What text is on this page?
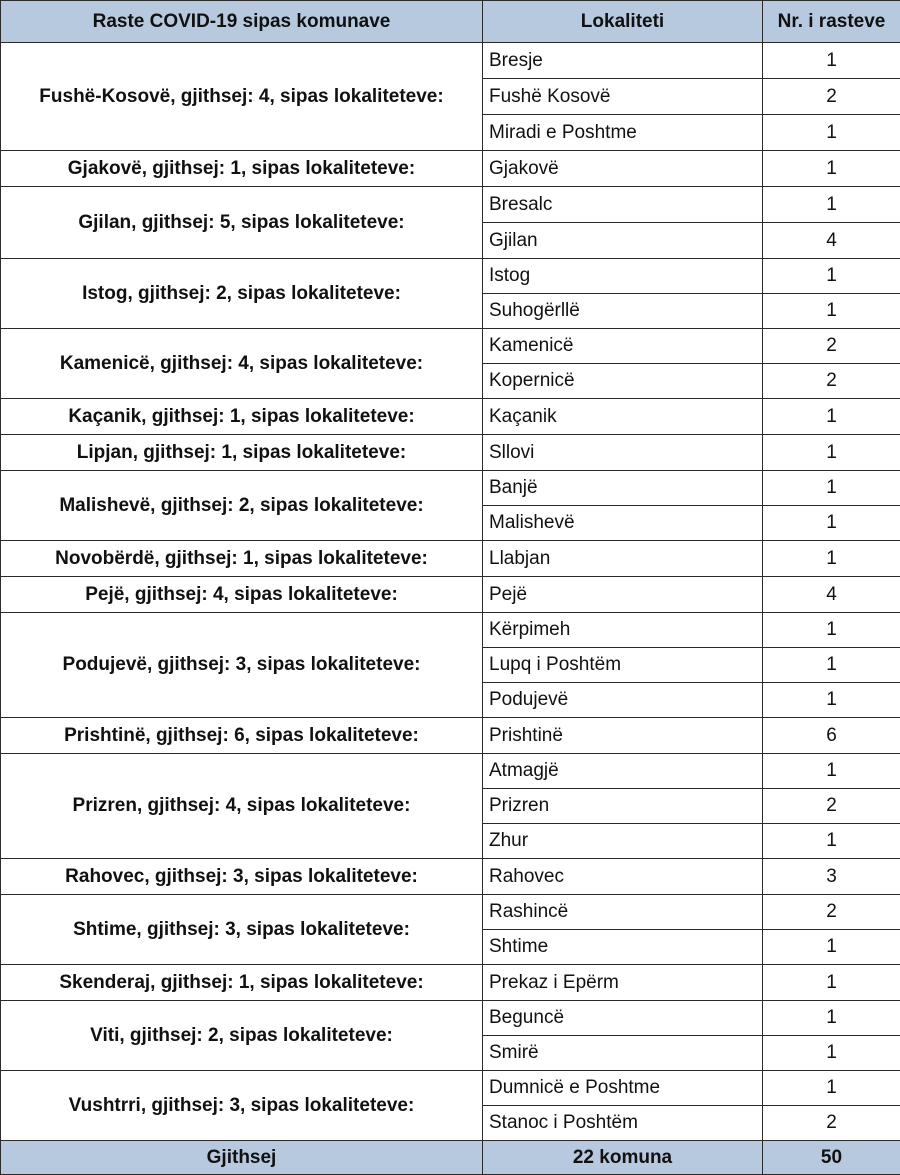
Raste COVID-19 sipas komunave	Lokaliteti	Nr. i rasteve
Fushë-Kosovë, gjithsej: 4, sipas lokaliteteve:	Bresje	1
	Fushë Kosovë	2
	Miradi e Poshtme	1
Gjakovë, gjithsej: 1, sipas lokaliteteve:	Gjakovë	1
Gjilan, gjithsej: 5, sipas lokaliteteve:	Bresalc	1
	Gjilan	4
Istog, gjithsej: 2, sipas lokaliteteve:	Istog	1
	Suhogërllë	1
Kamenicë, gjithsej: 4, sipas lokaliteteve:	Kamenicë	2
	Kopernicë	2
Kaçanik, gjithsej: 1, sipas lokaliteteve:	Kaçanik	1
Lipjan, gjithsej: 1, sipas lokaliteteve:	Sllovi	1
Malishevë, gjithsej: 2, sipas lokaliteteve:	Banjë	1
	Malishevë	1
Novobërdë, gjithsej: 1, sipas lokaliteteve:	Llabjan	1
Pejë, gjithsej: 4, sipas lokaliteteve:	Pejë	4
Podujevë, gjithsej: 3, sipas lokaliteteve:	Kërpimeh	1
	Lupq i Poshtëm	1
	Podujevë	1
Prishtinë, gjithsej: 6, sipas lokaliteteve:	Prishtinë	6
Prizren, gjithsej: 4, sipas lokaliteteve:	Atmagjë	1
	Prizren	2
	Zhur	1
Rahovec, gjithsej: 3, sipas lokaliteteve:	Rahovec	3
Shtime, gjithsej: 3, sipas lokaliteteve:	Rashincë	2
	Shtime	1
Skenderaj, gjithsej: 1, sipas lokaliteteve:	Prekaz i Epërm	1
Viti, gjithsej: 2, sipas lokaliteteve:	Beguncë	1
	Smirë	1
Vushtrri, gjithsej: 3, sipas lokaliteteve:	Dumnicë e Poshtme	1
	Stanoc i Poshtëm	2
Gjithsej	22 komuna	50
